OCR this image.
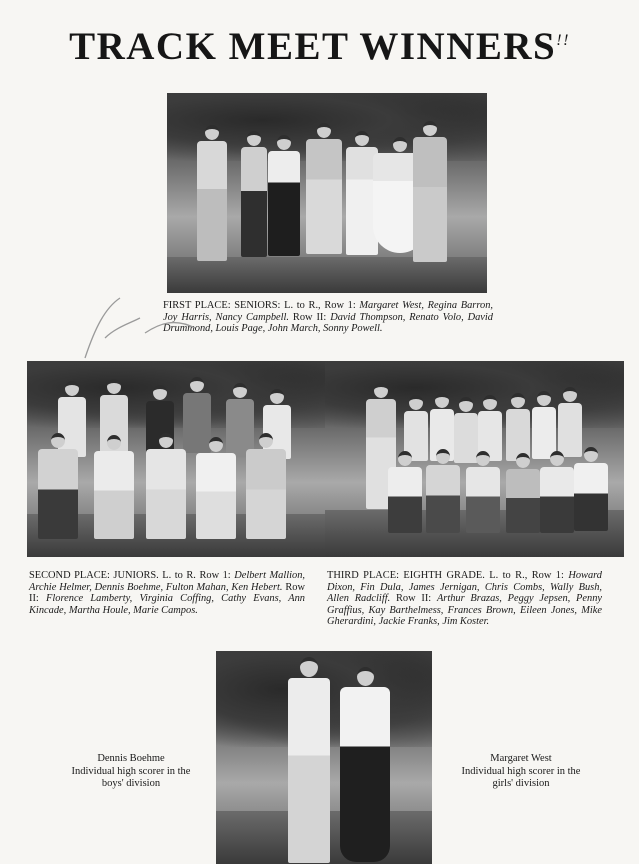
TRACK MEET WINNERS!!
FIRST PLACE: SENIORS: L. to R., Row 1: Margaret West, Regina Barron, Joy Harris, Nancy Campbell. Row II: David Thompson, Renato Volo, David Drummond, Louis Page, John March, Sonny Powell.
SECOND PLACE: JUNIORS. L. to R. Row 1: Delbert Mallion, Archie Helmer, Dennis Boehme, Fulton Mahan, Ken Hebert. Row II: Florence Lamberty, Virginia Coffing, Cathy Evans, Ann Kincade, Martha Houle, Marie Campos.
THIRD PLACE: EIGHTH GRADE. L. to R., Row 1: Howard Dixon, Fin Dula, James Jernigan, Chris Combs, Wally Bush, Allen Radcliff. Row II: Arthur Brazas, Peggy Jepsen, Penny Graffius, Kay Barthelmess, Frances Brown, Eileen Jones, Mike Gherardini, Jackie Franks, Jim Koster.
Dennis Boehme
Individual high scorer in the
boys' division
Margaret West
Individual high scorer in the
girls' division
